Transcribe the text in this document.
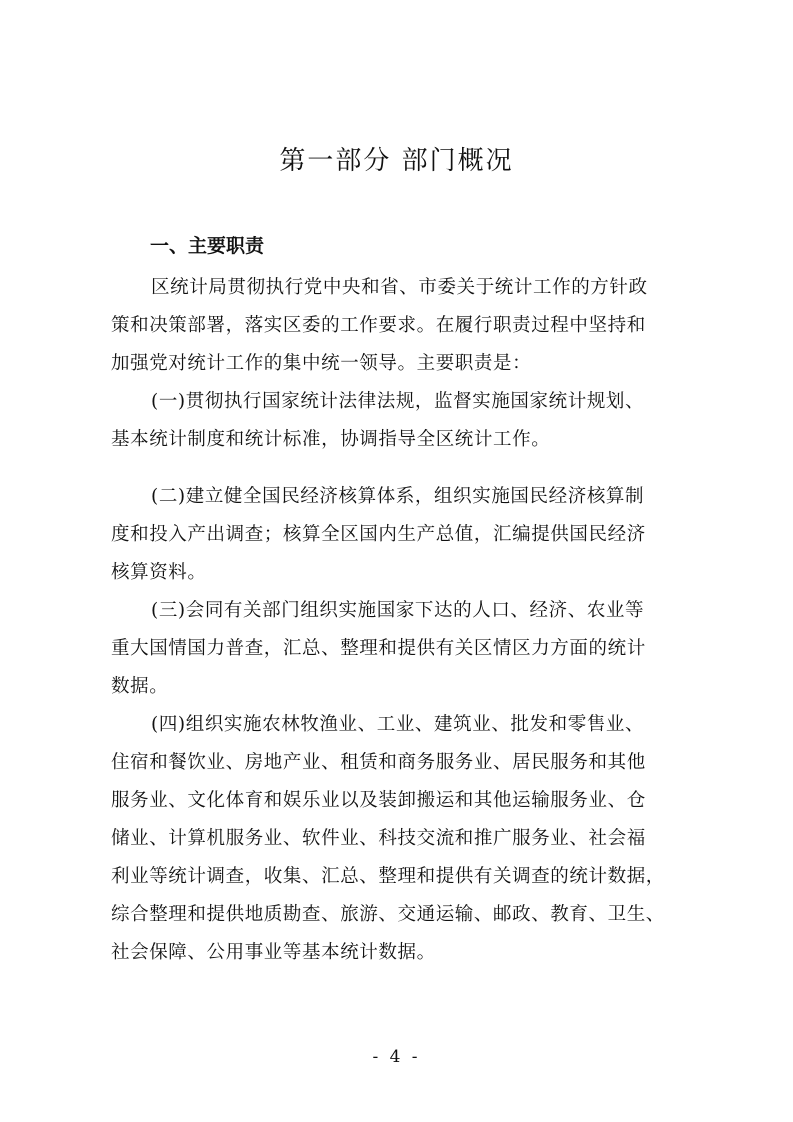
第一部分 部门概况
一、主要职责
区统计局贯彻执行党中央和省、市委关于统计工作的方针政
策和决策部署，落实区委的工作要求。在履行职责过程中坚持和
加强党对统计工作的集中统一领导。主要职责是：
(一)贯彻执行国家统计法律法规，监督实施国家统计规划、
基本统计制度和统计标准，协调指导全区统计工作。
(二)建立健全国民经济核算体系，组织实施国民经济核算制
度和投入产出调查；核算全区国内生产总值，汇编提供国民经济
核算资料。
(三)会同有关部门组织实施国家下达的人口、经济、农业等
重大国情国力普查，汇总、整理和提供有关区情区力方面的统计
数据。
(四)组织实施农林牧渔业、工业、建筑业、批发和零售业、
住宿和餐饮业、房地产业、租赁和商务服务业、居民服务和其他
服务业、文化体育和娱乐业以及装卸搬运和其他运输服务业、仓
储业、计算机服务业、软件业、科技交流和推广服务业、社会福
利业等统计调查，收集、汇总、整理和提供有关调查的统计数据，
综合整理和提供地质勘查、旅游、交通运输、邮政、教育、卫生、
社会保障、公用事业等基本统计数据。
- 4 -
